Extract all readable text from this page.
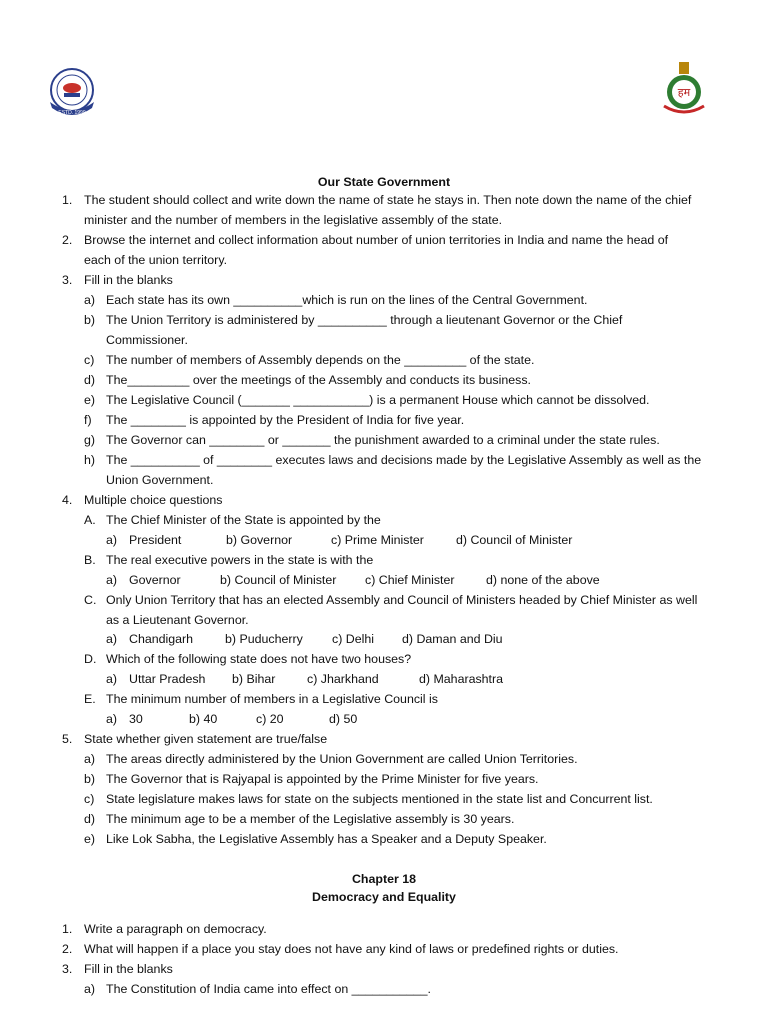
ESTD. 1999
हम
Our State Government
1. The student should collect and write down the name of state he stays in. Then note down the name of the chief
minister and the number of members in the legislative assembly of the state.
2. Browse the internet and collect information about number of union territories in India and name the head of
each of the union territory.
3. Fill in the blanks
a) Each state has its own __________which is run on the lines of the Central Government.
b) The Union Territory is administered by __________ through a lieutenant Governor or the Chief
Commissioner.
c) The number of members of Assembly depends on the _________ of the state.
d) The_________ over the meetings of the Assembly and conducts its business.
e) The Legislative Council (_______ ___________) is a permanent House which cannot be dissolved.
f) The ________ is appointed by the President of India for five year.
g) The Governor can ________ or _______ the punishment awarded to a criminal under the state rules.
h) The __________ of ________ executes laws and decisions made by the Legislative Assembly as well as the
Union Government.
4. Multiple choice questions
A. The Chief Minister of the State is appointed by the
a) President	b) Governor	c) Prime Minister	d) Council of Minister
B. The real executive powers in the state is with the
a) Governor	b) Council of Minister c) Chief Minister	d) none of the above
C. Only Union Territory that has an elected Assembly and Council of Ministers headed by Chief Minister as well
as a Lieutenant Governor.
a) Chandigarh	b) Puducherry c) Delhi d) Daman and Diu
D. Which of the following state does not have two houses?
a) Uttar Pradesh b) Bihar	c) Jharkhand	d) Maharashtra
E. The minimum number of members in a Legislative Council is
a) 30	b) 40	c) 20	d) 50
5. State whether given statement are true/false
a) The areas directly administered by the Union Government are called Union Territories.
b) The Governor that is Rajyapal is appointed by the Prime Minister for five years.
c) State legislature makes laws for state on the subjects mentioned in the state list and Concurrent list.
d) The minimum age to be a member of the Legislative assembly is 30 years.
e) Like Lok Sabha, the Legislative Assembly has a Speaker and a Deputy Speaker.
Chapter 18
Democracy and Equality
1. Write a paragraph on democracy.
2. What will happen if a place you stay does not have any kind of laws or predefined rights or duties.
3. Fill in the blanks
a) The Constitution of India came into effect on ___________.
